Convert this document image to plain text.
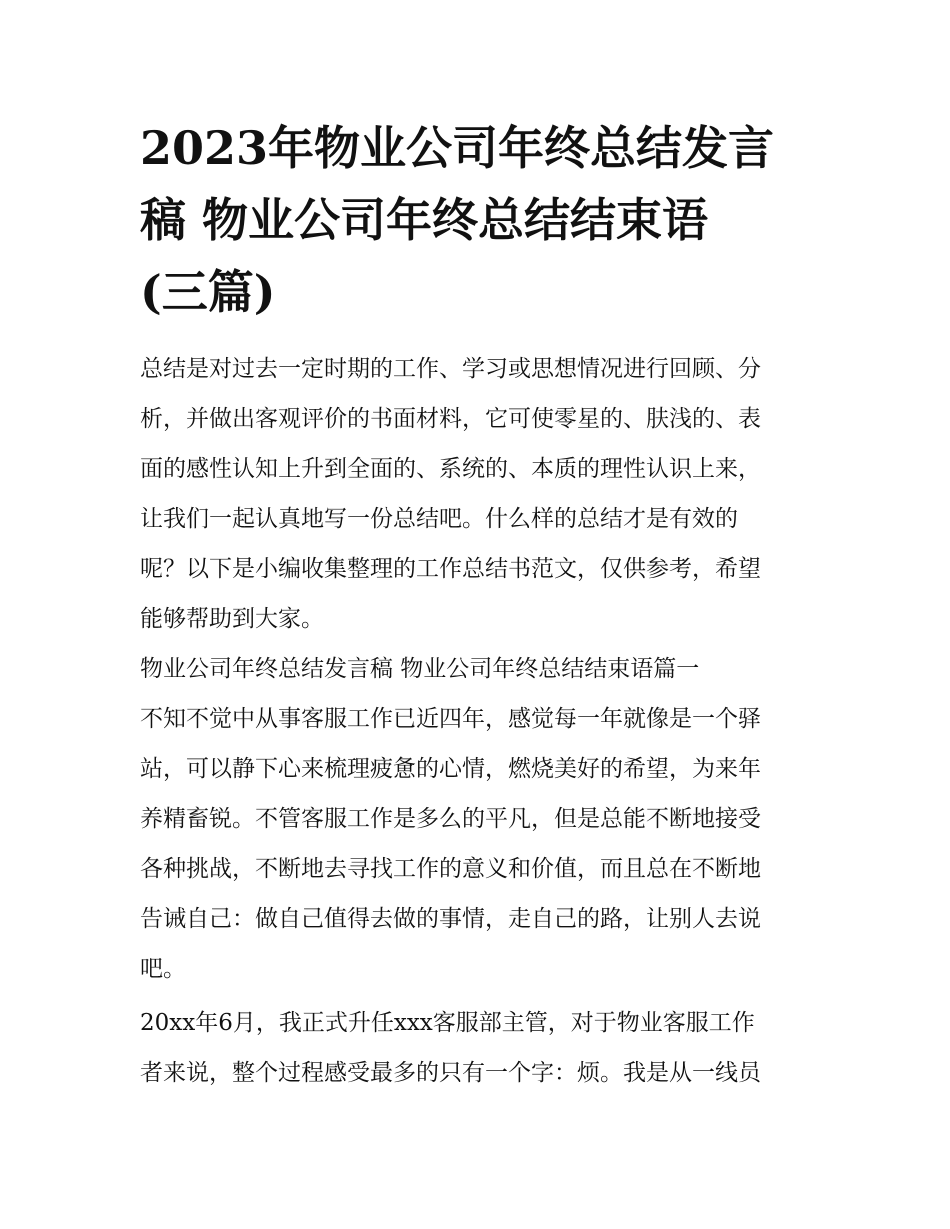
2023年物业公司年终总结发言
稿 物业公司年终总结结束语
(三篇)

总结是对过去一定时期的工作、学习或思想情况进行回顾、分
析，并做出客观评价的书面材料，它可使零星的、肤浅的、表
面的感性认知上升到全面的、系统的、本质的理性认识上来，
让我们一起认真地写一份总结吧。什么样的总结才是有效的
呢？以下是小编收集整理的工作总结书范文，仅供参考，希望
能够帮助到大家。

物业公司年终总结发言稿 物业公司年终总结结束语篇一

不知不觉中从事客服工作已近四年，感觉每一年就像是一个驿
站，可以静下心来梳理疲惫的心情，燃烧美好的希望，为来年
养精畜锐。不管客服工作是多么的平凡，但是总能不断地接受
各种挑战，不断地去寻找工作的意义和价值，而且总在不断地
告诫自己：做自己值得去做的事情，走自己的路，让别人去说
吧。

20xx年6月，我正式升任xxx客服部主管，对于物业客服工作
者来说，整个过程感受最多的只有一个字：烦。我是从一线员
